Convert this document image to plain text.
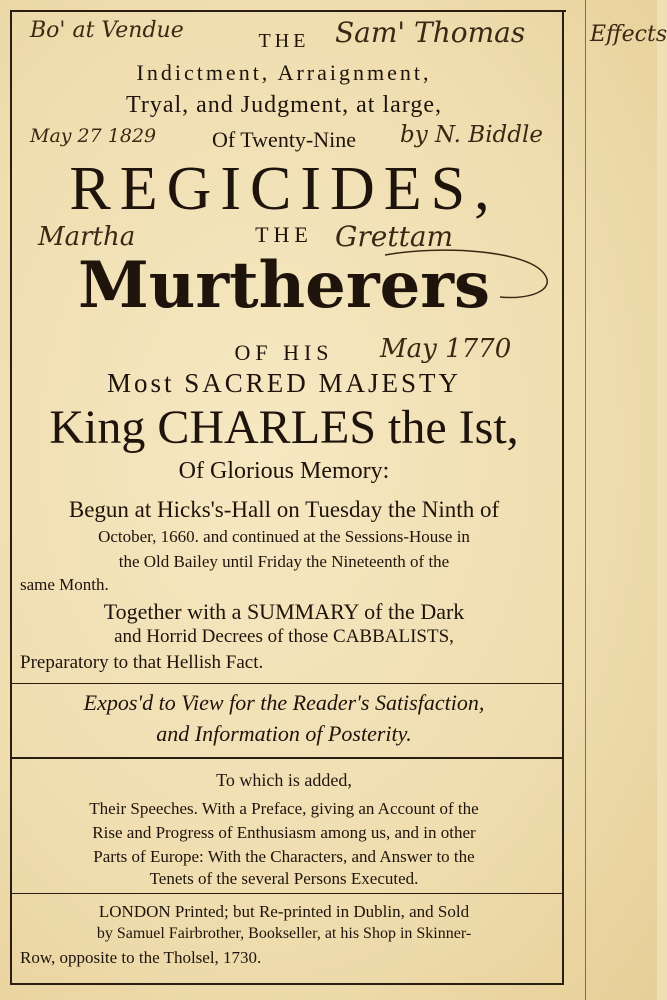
Bo' at Vendue	Sam' Thomas	Effects
May 27 1829	by N. Biddle
Martha	Grettam
May 1770
THE
Indictment, Arraignment,
Tryal, and Judgment, at large,
Of Twenty-Nine
REGICIDES,
THE
Murtherers
OF HIS
Most SACRED MAJESTY
King CHARLES the Ist,
Of Glorious Memory:
Begun at Hicks's-Hall on Tuesday the Ninth of
October, 1660. and continued at the Sessions-House in
the Old Bailey until Friday the Nineteenth of the
same Month.
Together with a SUMMARY of the Dark
and Horrid Decrees of those CABBALISTS,
Preparatory to that Hellish Fact.
Expos'd to View for the Reader's Satisfaction,
and Information of Posterity.
To which is added,
Their Speeches. With a Preface, giving an Account of the
Rise and Progress of Enthusiasm among us, and in other
Parts of Europe: With the Characters, and Answer to the
Tenets of the several Persons Executed.
LONDON Printed; but Re-printed in Dublin, and Sold
by Samuel Fairbrother, Bookseller, at his Shop in Skinner-
Row, opposite to the Tholsel, 1730.
